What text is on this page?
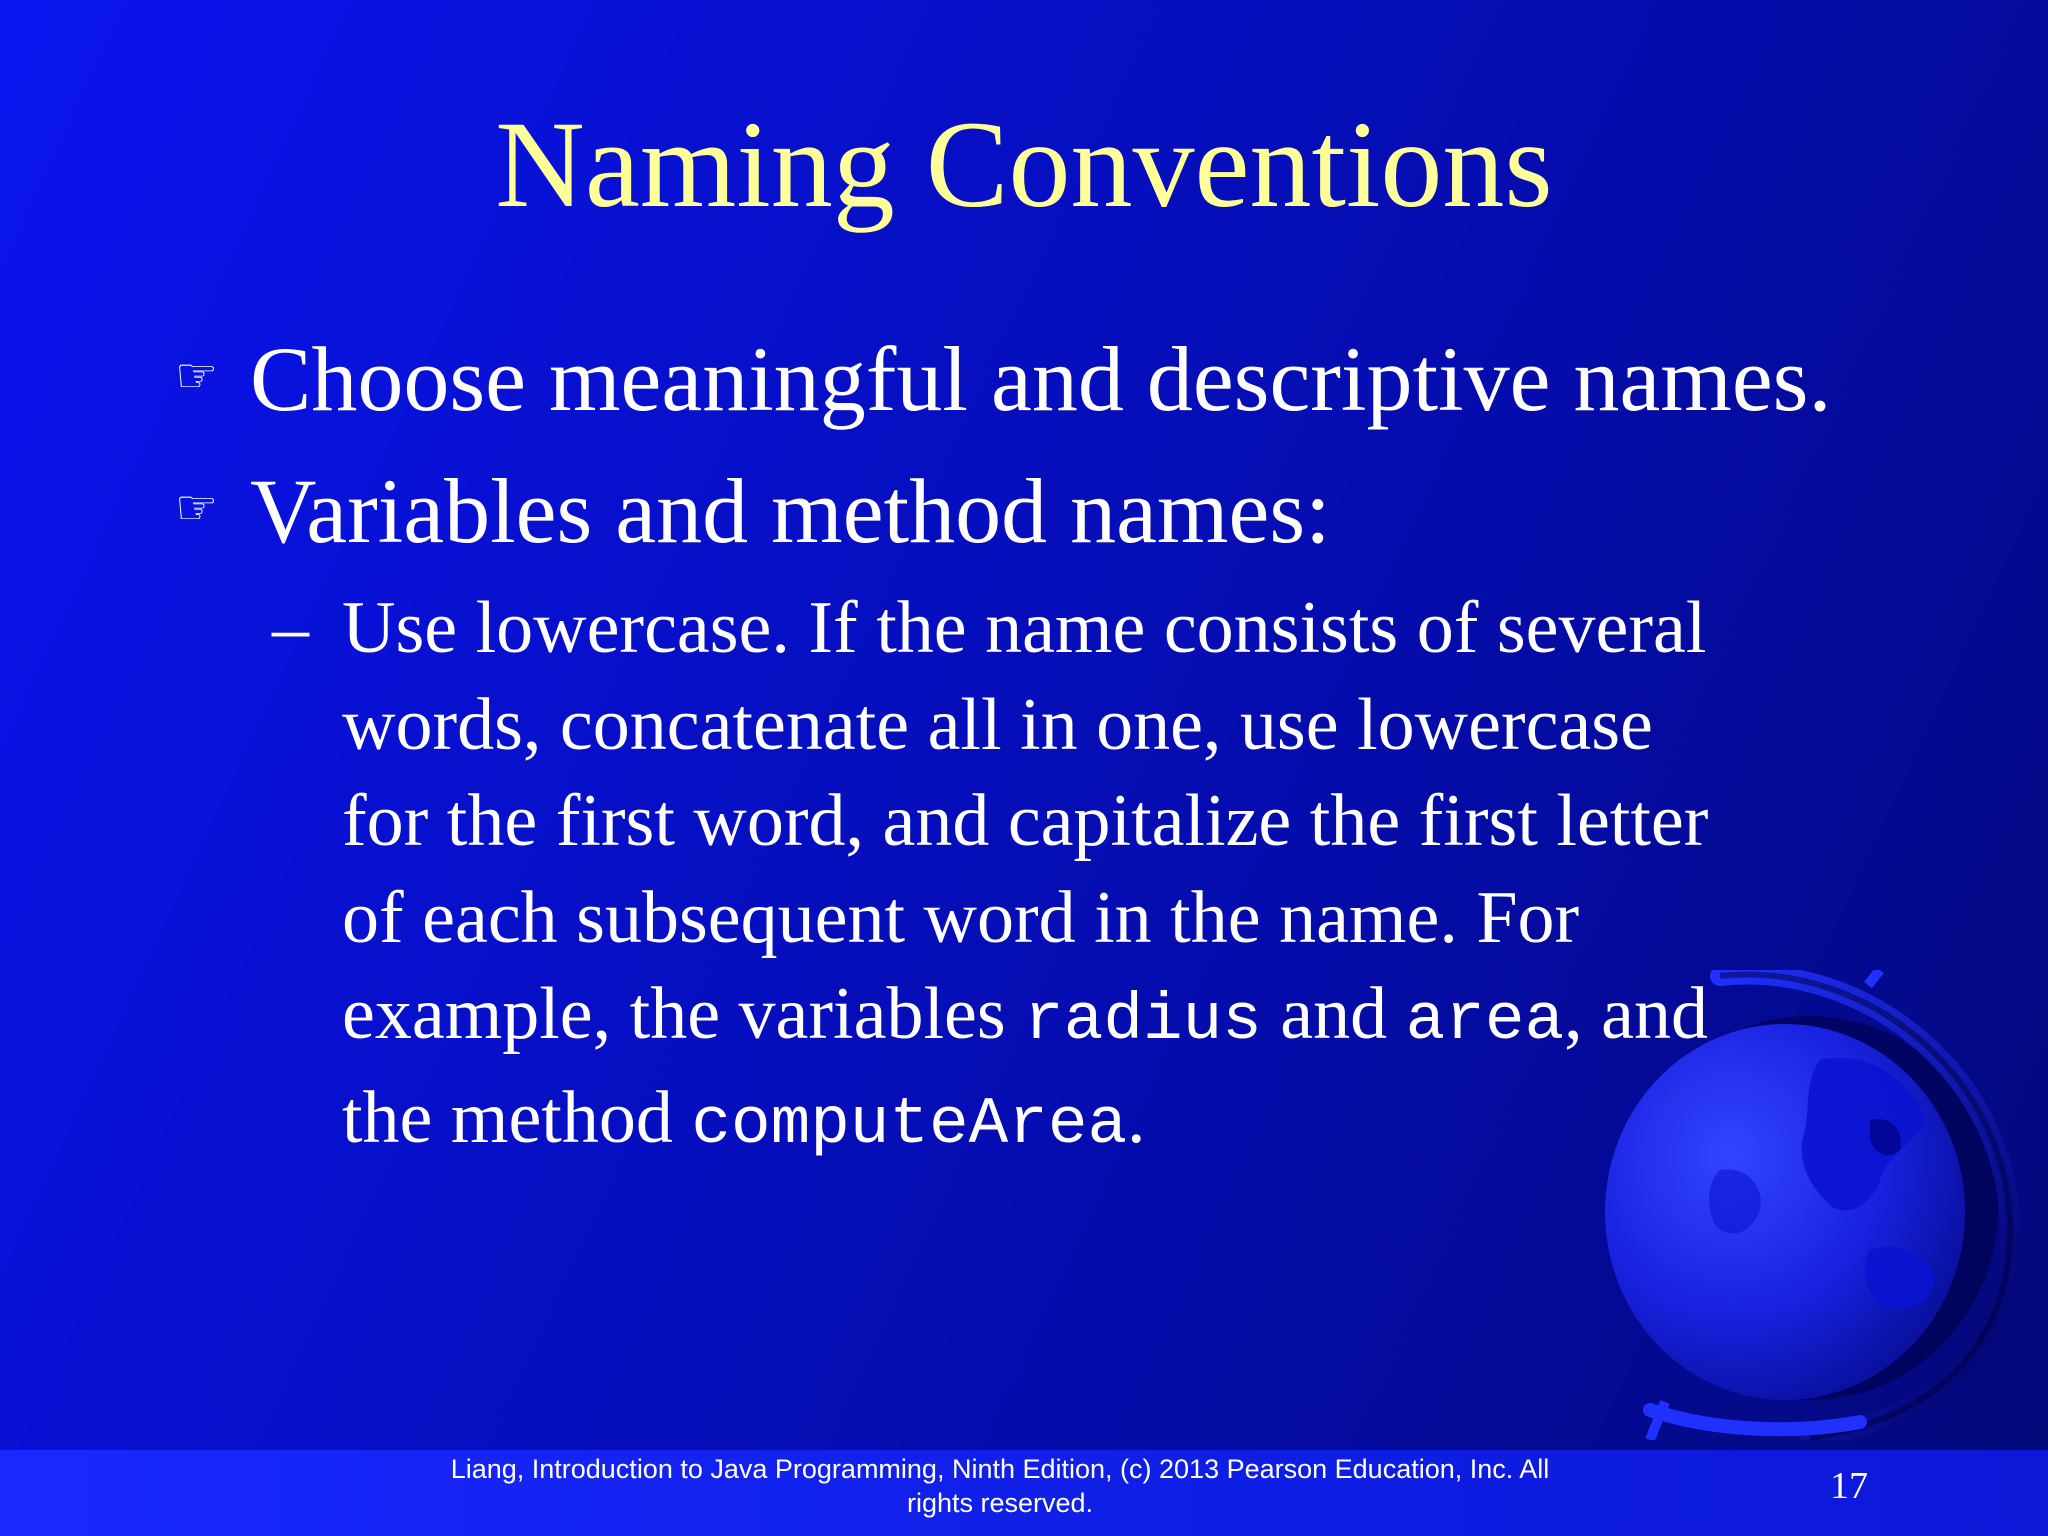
Naming Conventions
☞ Choose meaningful and descriptive names.
☞ Variables and method names:
– Use lowercase. If the name consists of several
words, concatenate all in one, use lowercase
for the first word, and capitalize the first letter
of each subsequent word in the name. For
example, the variables radius and area, and
the method computeArea.
Liang, Introduction to Java Programming, Ninth Edition, (c) 2013 Pearson Education, Inc. All
rights reserved.	17
